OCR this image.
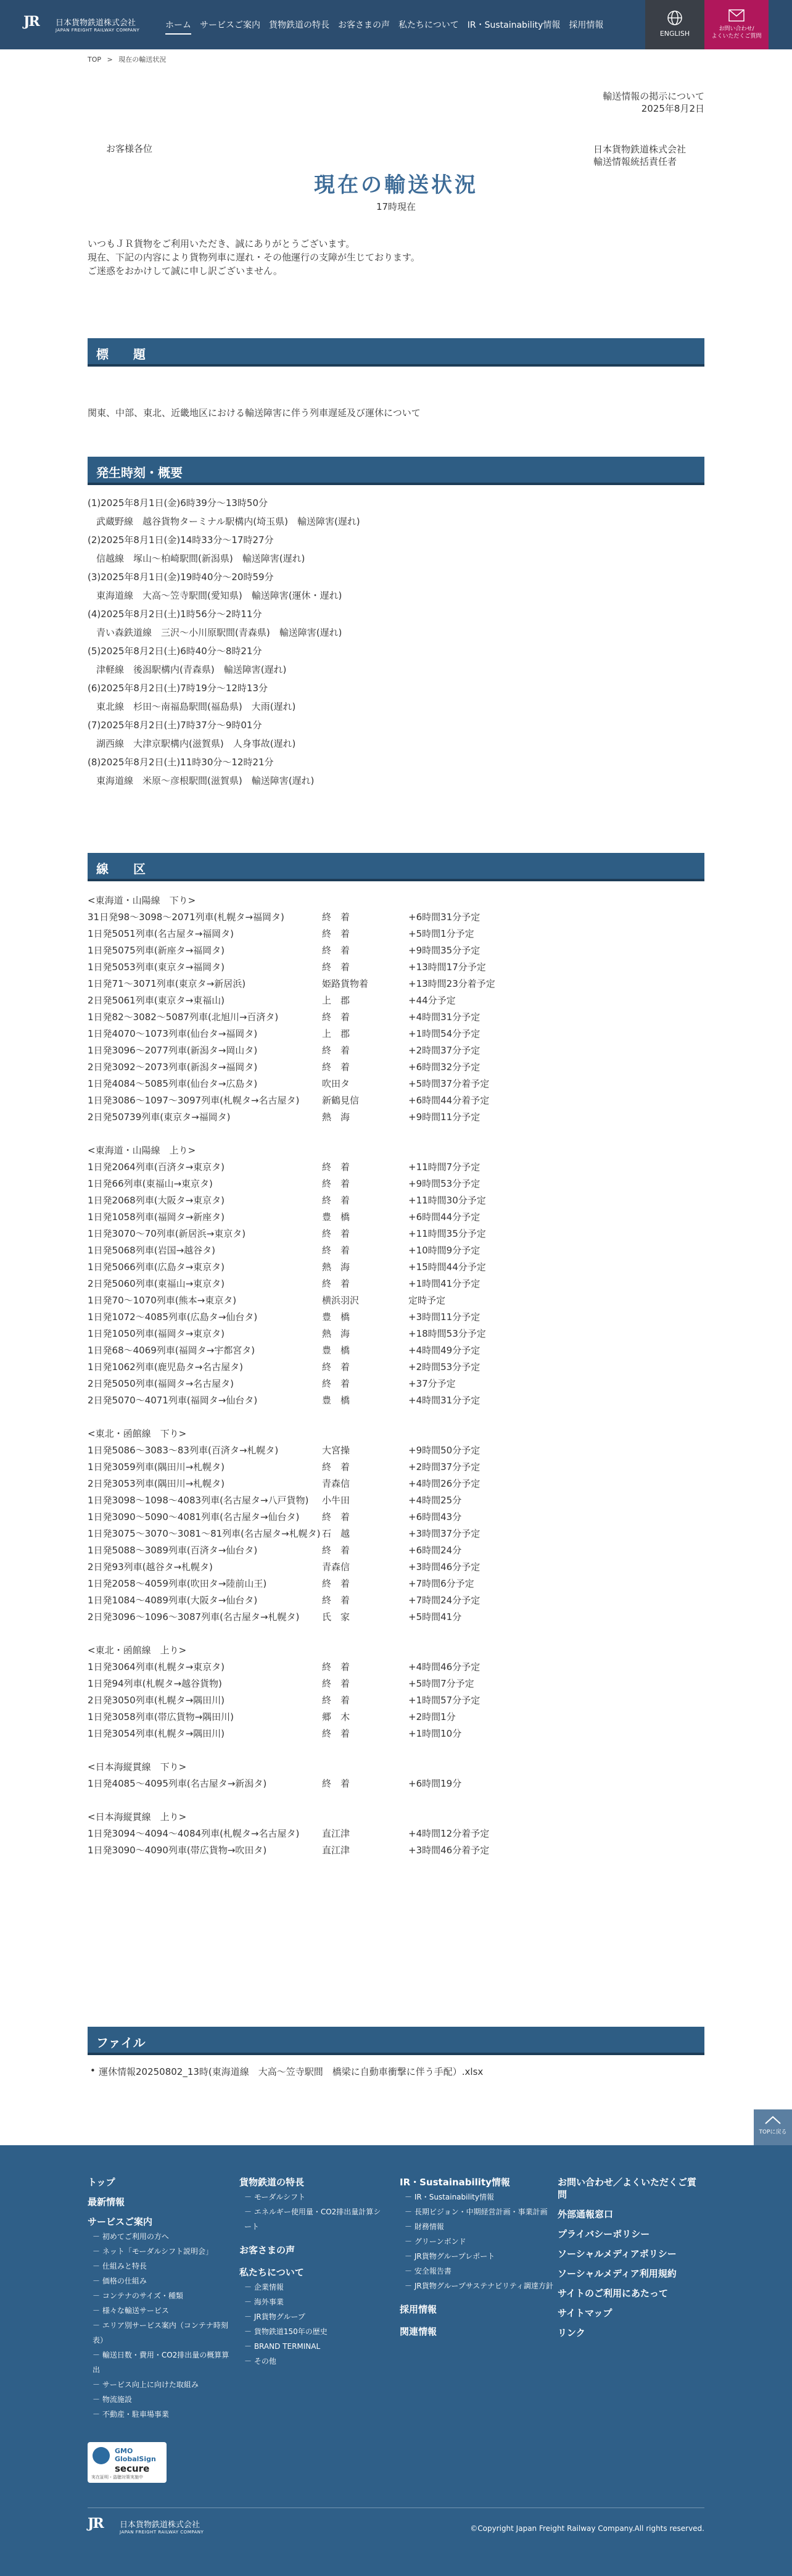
JR	日本貨物鉄道株式会社
JAPAN FREIGHT RAILWAY COMPANY	ホーム サービスご案内 貨物鉄道の特長 お客さまの声 私たちについて IR・Sustainability情報 採用情報
ENGLISH
お問い合わせ/
よくいただくご質問
TOP > 現在の輸送状況
輸送情報の掲示について
2025年8月2日
お客様各位	日本貨物鉄道株式会社
輸送情報統括責任者
現在の輸送状況
17時現在
いつもＪＲ貨物をご利用いただき、誠にありがとうございます。
現在、下記の内容により貨物列車に遅れ・その他運行の支障が生じております。
ご迷惑をおかけして誠に申し訳ございません。
標　　題
関東、中部、東北、近畿地区における輸送障害に伴う列車遅延及び運休について
発生時刻・概要
(1)2025年8月1日(金)6時39分～13時50分
武蔵野線　越谷貨物ターミナル駅構内(埼玉県)　輸送障害(遅れ)
(2)2025年8月1日(金)14時33分～17時27分
信越線　塚山～柏崎駅間(新潟県)　輸送障害(遅れ)
(3)2025年8月1日(金)19時40分～20時59分
東海道線　大高～笠寺駅間(愛知県)　輸送障害(運休・遅れ)
(4)2025年8月2日(土)1時56分～2時11分
青い森鉄道線　三沢～小川原駅間(青森県)　輸送障害(遅れ)
(5)2025年8月2日(土)6時40分～8時21分
津軽線　後潟駅構内(青森県)　輸送障害(遅れ)
(6)2025年8月2日(土)7時19分～12時13分
東北線　杉田～南福島駅間(福島県)　大雨(遅れ)
(7)2025年8月2日(土)7時37分～9時01分
湖西線　大津京駅構内(滋賀県)　人身事故(遅れ)
(8)2025年8月2日(土)11時30分～12時21分
東海道線　米原～彦根駅間(滋賀県)　輸送障害(遅れ)
線　　区
<東海道・山陽線　下り>
31日発98～3098～2071列車(札幌タ→福岡タ)	終　着	+6時間31分予定
1日発5051列車(名古屋タ→福岡タ)	終　着	+5時間1分予定
1日発5075列車(新座タ→福岡タ)	終　着	+9時間35分予定
1日発5053列車(東京タ→福岡タ)	終　着	+13時間17分予定
1日発71～3071列車(東京タ→新居浜)	姫路貨物着	+13時間23分着予定
2日発5061列車(東京タ→東福山)	上　郡	+44分予定
1日発82～3082～5087列車(北旭川→百済タ)	終　着	+4時間31分予定
1日発4070～1073列車(仙台タ→福岡タ)	上　郡	+1時間54分予定
1日発3096～2077列車(新潟タ→岡山タ)	終　着	+2時間37分予定
2日発3092～2073列車(新潟タ→福岡タ)	終　着	+6時間32分予定
1日発4084～5085列車(仙台タ→広島タ)	吹田タ	+5時間37分着予定
1日発3086～1097～3097列車(札幌タ→名古屋タ)	新鶴見信	+6時間44分着予定
2日発50739列車(東京タ→福岡タ)	熱　海	+9時間11分予定
<東海道・山陽線　上り>
1日発2064列車(百済タ→東京タ)	終　着	+11時間7分予定
1日発66列車(東福山→東京タ)	終　着	+9時間53分予定
1日発2068列車(大阪タ→東京タ)	終　着	+11時間30分予定
1日発1058列車(福岡タ→新座タ)	豊　橋	+6時間44分予定
1日発3070～70列車(新居浜→東京タ)	終　着	+11時間35分予定
1日発5068列車(岩国→越谷タ)	終　着	+10時間9分予定
1日発5066列車(広島タ→東京タ)	熱　海	+15時間44分予定
2日発5060列車(東福山→東京タ)	終　着	+1時間41分予定
1日発70～1070列車(熊本→東京タ)	横浜羽沢	定時予定
1日発1072～4085列車(広島タ→仙台タ)	豊　橋	+3時間11分予定
1日発1050列車(福岡タ→東京タ)	熱　海	+18時間53分予定
1日発68～4069列車(福岡タ→宇都宮タ)	豊　橋	+4時間49分予定
1日発1062列車(鹿児島タ→名古屋タ)	終　着	+2時間53分予定
2日発5050列車(福岡タ→名古屋タ)	終　着	+37分予定
2日発5070～4071列車(福岡タ→仙台タ)	豊　橋	+4時間31分予定
<東北・函館線　下り>
1日発5086～3083～83列車(百済タ→札幌タ)	大宮操	+9時間50分予定
1日発3059列車(隅田川→札幌タ)	終　着	+2時間37分予定
2日発3053列車(隅田川→札幌タ)	青森信	+4時間26分予定
1日発3098～1098～4083列車(名古屋タ→八戸貨物)	小牛田	+4時間25分
1日発3090～5090～4081列車(名古屋タ→仙台タ)	終　着	+6時間43分
1日発3075～3070～3081～81列車(名古屋タ→札幌タ) 石　越	+3時間37分予定
1日発5088～3089列車(百済タ→仙台タ)	終　着	+6時間24分
2日発93列車(越谷タ→札幌タ)	青森信	+3時間46分予定
1日発2058～4059列車(吹田タ→陸前山王)	終　着	+7時間6分予定
1日発1084～4089列車(大阪タ→仙台タ)	終　着	+7時間24分予定
2日発3096～1096～3087列車(名古屋タ→札幌タ)	氏　家	+5時間41分
<東北・函館線　上り>
1日発3064列車(札幌タ→東京タ)	終　着	+4時間46分予定
1日発94列車(札幌タ→越谷貨物)	終　着	+5時間7分予定
2日発3050列車(札幌タ→隅田川)	終　着	+1時間57分予定
1日発3058列車(帯広貨物→隅田川)	郷　木	+2時間1分
1日発3054列車(札幌タ→隅田川)	終　着	+1時間10分
<日本海縦貫線　下り>
1日発4085～4095列車(名古屋タ→新潟タ)	終　着	+6時間19分
<日本海縦貫線　上り>
1日発3094～4094～4084列車(札幌タ→名古屋タ)	直江津	+4時間12分着予定
1日発3090～4090列車(帯広貨物→吹田タ)	直江津	+3時間46分着予定
ファイル
• 運休情報20250802_13時(東海道線　大高〜笠寺駅間　橋梁に自動車衝撃に伴う手配）.xlsx
TOPに戻る
トップ
最新情報
サービスご案内
－ 初めてご利用の方へ
－ ネット「モーダルシフト説明会」
－ 仕組みと特長
－ 価格の仕組み
－ コンテナのサイズ・種類
－ 様々な輸送サービス
－ エリア別サービス案内（コンテナ時刻表）
－ 輸送日数・費用・CO2排出量の概算算出
－ サービス向上に向けた取組み
－ 物流施設
－ 不動産・駐車場事業
貨物鉄道の特長
－ モーダルシフト
－ エネルギー使用量・CO2排出量計算シート
お客さまの声
私たちについて
－ 企業情報
－ 海外事業
－ JR貨物グループ
－ 貨物鉄道150年の歴史
－ BRAND TERMINAL
－ その他
IR・Sustainability情報
－ IR・Sustainability情報
－ 長期ビジョン・中期経営計画・事業計画
－ 財務情報
－ グリーンボンド
－ JR貨物グループレポート
－ 安全報告書
－ JR貨物グループサステナビリティ調達方針
採用情報
関連情報
お問い合わせ／よくいただくご質問
外部通報窓口
プライバシーポリシー
ソーシャルメディアポリシー
ソーシャルメディア利用規約
サイトのご利用にあたって
サイトマップ
リンク
GMO
GlobalSign
secure
実在証明・盗聴対策実施中
JR	日本貨物鉄道株式会社
JAPAN FREIGHT RAILWAY COMPANY	©Copyright Japan Freight Railway Company.All rights reserved.
